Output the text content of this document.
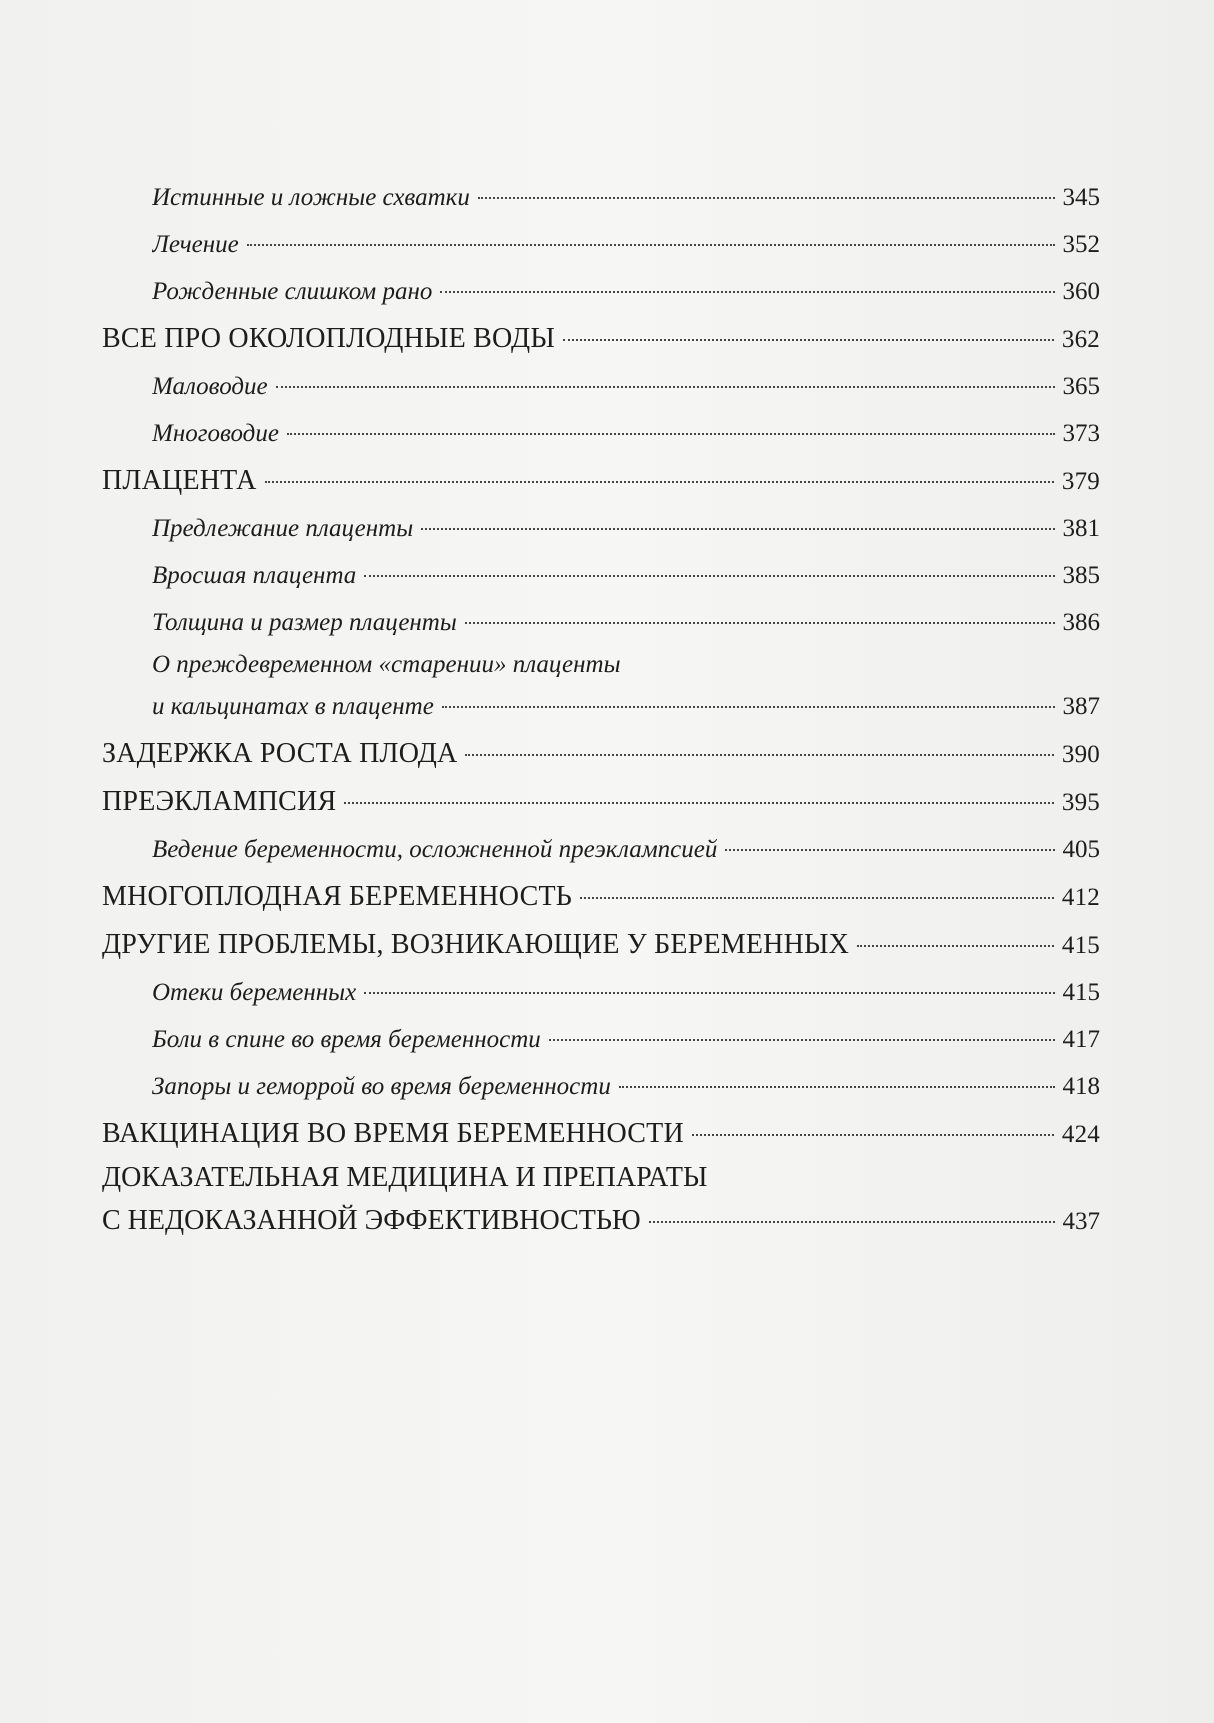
Истинные и ложные схватки	345
Лечение	352
Рожденные слишком рано	360
ВСЕ ПРО ОКОЛОПЛОДНЫЕ ВОДЫ	362
Маловодие	365
Многоводие	373
ПЛАЦЕНТА	379
Предлежание плаценты	381
Вросшая плацента	385
Толщина и размер плаценты	386
О преждевременном «старении» плаценты
и кальцинатах в плаценте	387
ЗАДЕРЖКА РОСТА ПЛОДА	390
ПРЕЭКЛАМПСИЯ	395
Ведение беременности, осложненной преэклампсией	405
МНОГОПЛОДНАЯ БЕРЕМЕННОСТЬ	412
ДРУГИЕ ПРОБЛЕМЫ, ВОЗНИКАЮЩИЕ У БЕРЕМЕННЫХ	415
Отеки беременных	415
Боли в спине во время беременности	417
Запоры и геморрой во время беременности	418
ВАКЦИНАЦИЯ ВО ВРЕМЯ БЕРЕМЕННОСТИ	424
ДОКАЗАТЕЛЬНАЯ МЕДИЦИНА И ПРЕПАРАТЫ
С НЕДОКАЗАННОЙ ЭФФЕКТИВНОСТЬЮ	437
